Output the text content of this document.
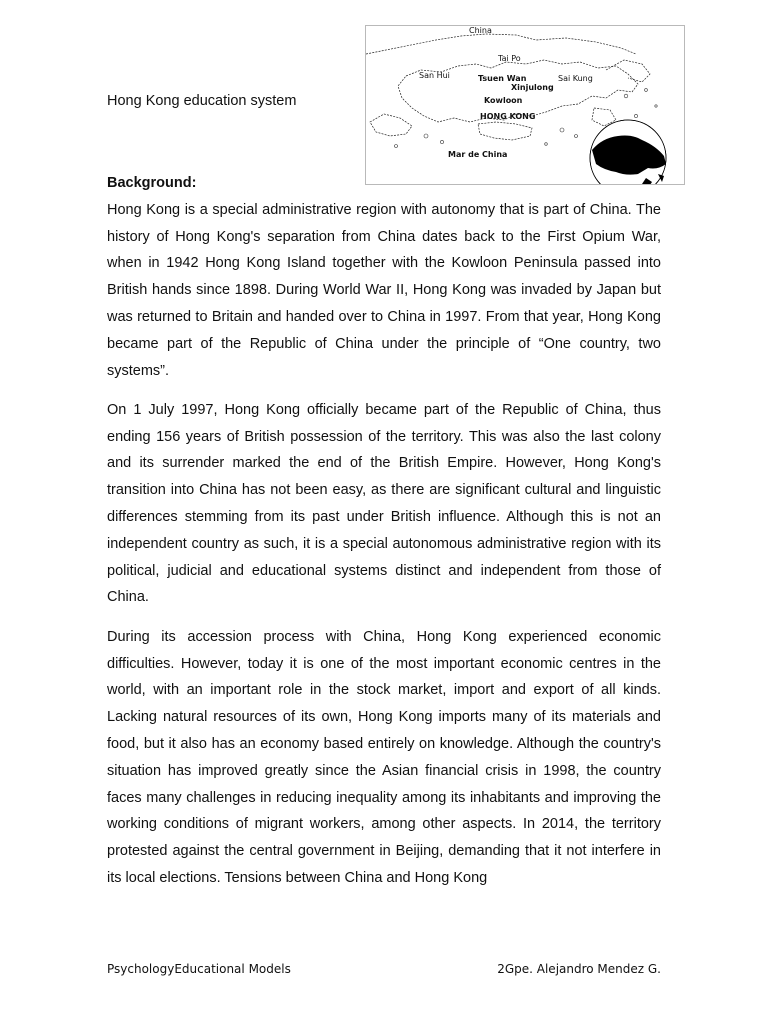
Hong Kong education system
China
Tai Po
San Hui	Tsuen Wan	Sai Kung
Xinjulong
Kowloon
HONG KONG
Mar de China

Background:

Hong Kong is a special administrative region with autonomy that is part of China. The history of Hong Kong's separation from China dates back to the First Opium War, when in 1942 Hong Kong Island together with the Kowloon Peninsula passed into British hands since 1898. During World War II, Hong Kong was invaded by Japan but was returned to Britain and handed over to China in 1997. From that year, Hong Kong became part of the Republic of China under the principle of “One country, two systems”.

On 1 July 1997, Hong Kong officially became part of the Republic of China, thus ending 156 years of British possession of the territory. This was also the last colony and its surrender marked the end of the British Empire. However, Hong Kong's transition into China has not been easy, as there are significant cultural and linguistic differences stemming from its past under British influence. Although this is not an independent country as such, it is a special autonomous administrative region with its political, judicial and educational systems distinct and independent from those of China.

During its accession process with China, Hong Kong experienced economic difficulties. However, today it is one of the most important economic centres in the world, with an important role in the stock market, import and export of all kinds. Lacking natural resources of its own, Hong Kong imports many of its materials and food, but it also has an economy based entirely on knowledge. Although the country's situation has improved greatly since the Asian financial crisis in 1998, the country faces many challenges in reducing inequality among its inhabitants and improving the working conditions of migrant workers, among other aspects. In 2014, the territory protested against the central government in Beijing, demanding that it not interfere in its local elections. Tensions between China and Hong Kong

PsychologyEducational Models	2Gpe. Alejandro Mendez G.
